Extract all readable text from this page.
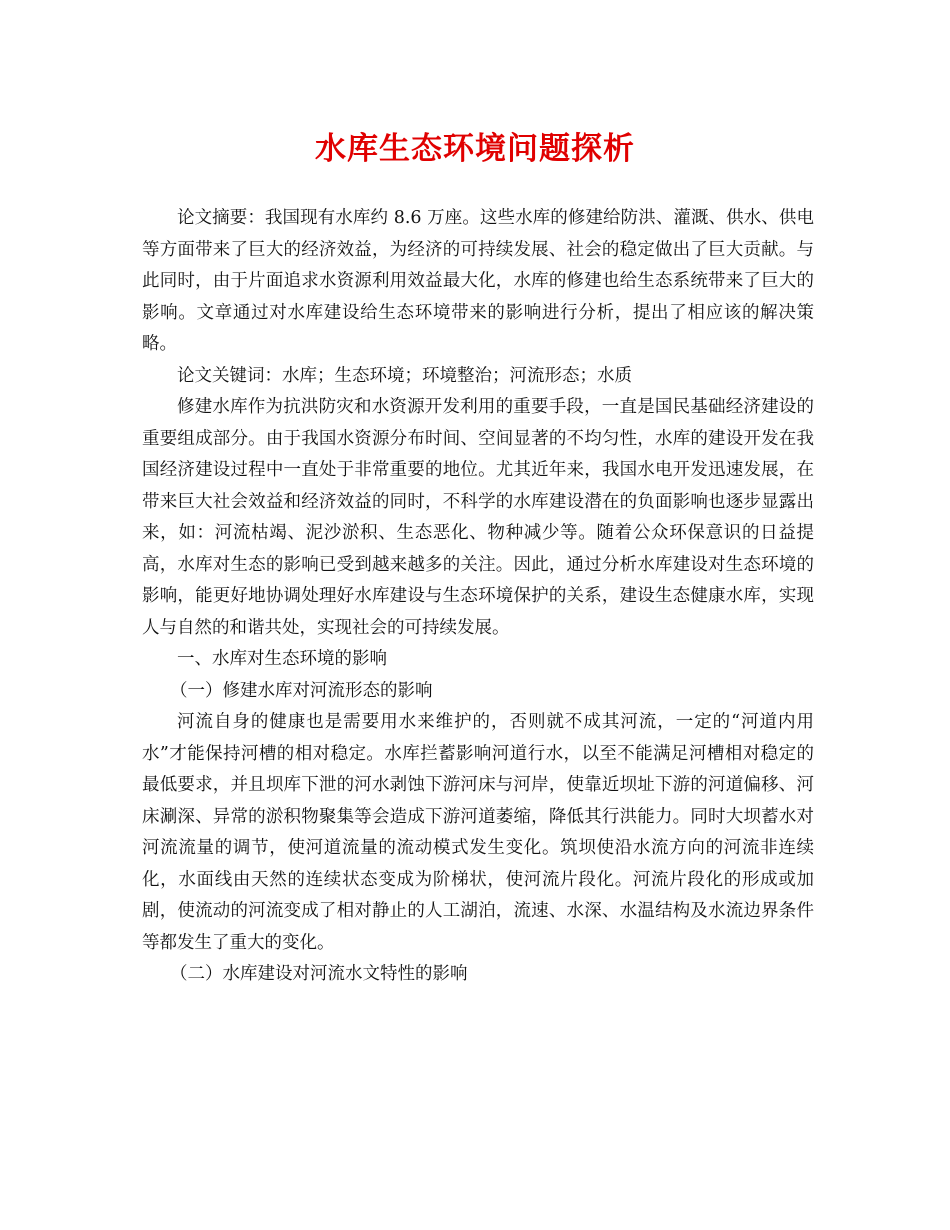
水库生态环境问题探析

论文摘要：我国现有水库约 8.6 万座。这些水库的修建给防洪、灌溉、供水、供电等方面带来了巨大的经济效益，为经济的可持续发展、社会的稳定做出了巨大贡献。与此同时，由于片面追求水资源利用效益最大化，水库的修建也给生态系统带来了巨大的影响。文章通过对水库建设给生态环境带来的影响进行分析，提出了相应该的解决策略。

论文关键词：水库；生态环境；环境整治；河流形态；水质

修建水库作为抗洪防灾和水资源开发利用的重要手段，一直是国民基础经济建设的重要组成部分。由于我国水资源分布时间、空间显著的不均匀性，水库的建设开发在我国经济建设过程中一直处于非常重要的地位。尤其近年来，我国水电开发迅速发展，在带来巨大社会效益和经济效益的同时，不科学的水库建设潜在的负面影响也逐步显露出来，如：河流枯竭、泥沙淤积、生态恶化、物种减少等。随着公众环保意识的日益提高，水库对生态的影响已受到越来越多的关注。因此，通过分析水库建设对生态环境的影响，能更好地协调处理好水库建设与生态环境保护的关系，建设生态健康水库，实现人与自然的和谐共处，实现社会的可持续发展。

一、水库对生态环境的影响

（一）修建水库对河流形态的影响

河流自身的健康也是需要用水来维护的，否则就不成其河流，一定的“河道内用水”才能保持河槽的相对稳定。水库拦蓄影响河道行水，以至不能满足河槽相对稳定的最低要求，并且坝库下泄的河水剥蚀下游河床与河岸，使靠近坝址下游的河道偏移、河床涮深、异常的淤积物聚集等会造成下游河道萎缩，降低其行洪能力。同时大坝蓄水对河流流量的调节，使河道流量的流动模式发生变化。筑坝使沿水流方向的河流非连续化，水面线由天然的连续状态变成为阶梯状，使河流片段化。河流片段化的形成或加剧，使流动的河流变成了相对静止的人工湖泊，流速、水深、水温结构及水流边界条件等都发生了重大的变化。

（二）水库建设对河流水文特性的影响
